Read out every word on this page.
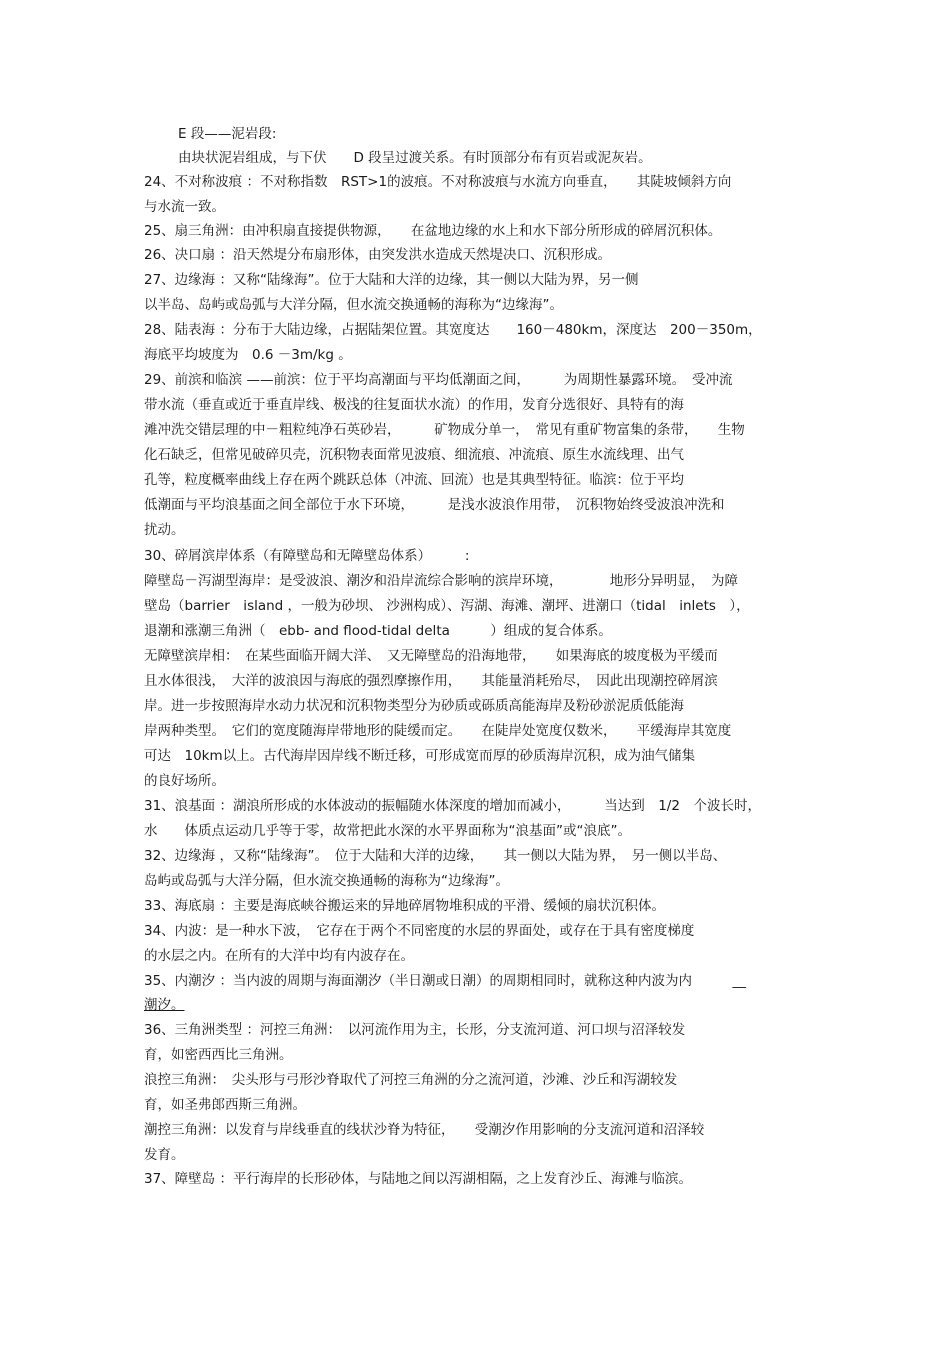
E 段——泥岩段:
由块状泥岩组成，与下伏　　D 段呈过渡关系。有时顶部分布有页岩或泥灰岩。
24、不对称波痕 ：不对称指数　RST>1的波痕。不对称波痕与水流方向垂直，　　其陡坡倾斜方向
与水流一致。
25、扇三角洲：由冲积扇直接提供物源，　　在盆地边缘的水上和水下部分所形成的碎屑沉积体。
26、决口扇 ：沿天然堤分布扇形体，由突发洪水造成天然堤决口、沉积形成。
27、边缘海 ：又称“陆缘海”。位于大陆和大洋的边缘，其一侧以大陆为界，另一侧
以半岛、岛屿或岛弧与大洋分隔，但水流交换通畅的海称为“边缘海”。
28、陆表海 ：分布于大陆边缘，占据陆架位置。其宽度达　　160－480km，深度达　200－350m，
海底平均坡度为　0.6 －3m/kg 。
29、前滨和临滨 ——前滨：位于平均高潮面与平均低潮面之间，　　　为周期性暴露环境。　受冲流
带水流（垂直或近于垂直岸线、极浅的往复面状水流）的作用，发育分选很好、具特有的海
滩冲洗交错层理的中－粗粒纯净石英砂岩，　　　矿物成分单一，　常见有重矿物富集的条带，　　生物
化石缺乏，但常见破碎贝壳，沉积物表面常见波痕、细流痕、冲流痕、原生水流线理、出气
孔等，粒度概率曲线上存在两个跳跃总体（冲流、回流）也是其典型特征。临滨：位于平均
低潮面与平均浪基面之间全部位于水下环境，　　　是浅水波浪作用带，　沉积物始终受波浪冲洗和
扰动。
30、碎屑滨岸体系（有障壁岛和无障壁岛体系）　　　:
障壁岛－泻湖型海岸：是受波浪、潮汐和沿岸流综合影响的滨岸环境，　　　　地形分异明显，　为障
壁岛（barrier　island ，一般为砂坝、 沙洲构成）、泻湖、海滩、潮坪、进潮口（tidal　inlets　），
退潮和涨潮三角洲（　ebb- and flood-tidal delta　　　）组成的复合体系。
无障壁滨岸相：　在某些面临开阔大洋、　又无障壁岛的沿海地带，　　如果海底的坡度极为平缓而
且水体很浅，　大洋的波浪因与海底的强烈摩擦作用，　　其能量消耗殆尽，　因此出现潮控碎屑滨
岸。进一步按照海岸水动力状况和沉积物类型分为砂质或砾质高能海岸及粉砂淤泥质低能海
岸两种类型。　它们的宽度随海岸带地形的陡缓而定。　　在陡岸处宽度仅数米，　　平缓海岸其宽度
可达　10km以上。古代海岸因岸线不断迁移，可形成宽而厚的砂质海岸沉积，成为油气储集
的良好场所。
31、浪基面 ：湖浪所形成的水体波动的振幅随水体深度的增加而减小，　　　当达到　1/2　个波长时，
水　　体质点运动几乎等于零，故常把此水深的水平界面称为“浪基面”或“浪底”。
32、边缘海 ，又称“陆缘海”。　位于大陆和大洋的边缘，　　其一侧以大陆为界，　另一侧以半岛、
岛屿或岛弧与大洋分隔，但水流交换通畅的海称为“边缘海”。
33、海底扇 ：主要是海底峡谷搬运来的异地碎屑物堆积成的平滑、缓倾的扇状沉积体。
34、内波：是一种水下波，　它存在于两个不同密度的水层的界面处，或存在于具有密度梯度
的水层之内。在所有的大洋中均有内波存在。
35、内潮汐 ：当内波的周期与海面潮汐（半日潮或日潮）的周期相同时，就称这种内波为内　　　__
潮汐。
36、三角洲类型 ：河控三角洲：　以河流作用为主，长形，分支流河道、河口坝与沼泽较发
育，如密西西比三角洲。
浪控三角洲：　尖头形与弓形沙脊取代了河控三角洲的分之流河道，沙滩、沙丘和泻湖较发
育，如圣弗郎西斯三角洲。
潮控三角洲：以发育与岸线垂直的线状沙脊为特征，　　受潮汐作用影响的分支流河道和沼泽较
发育。
37、障壁岛 ：平行海岸的长形砂体，与陆地之间以泻湖相隔，之上发育沙丘、海滩与临滨。
